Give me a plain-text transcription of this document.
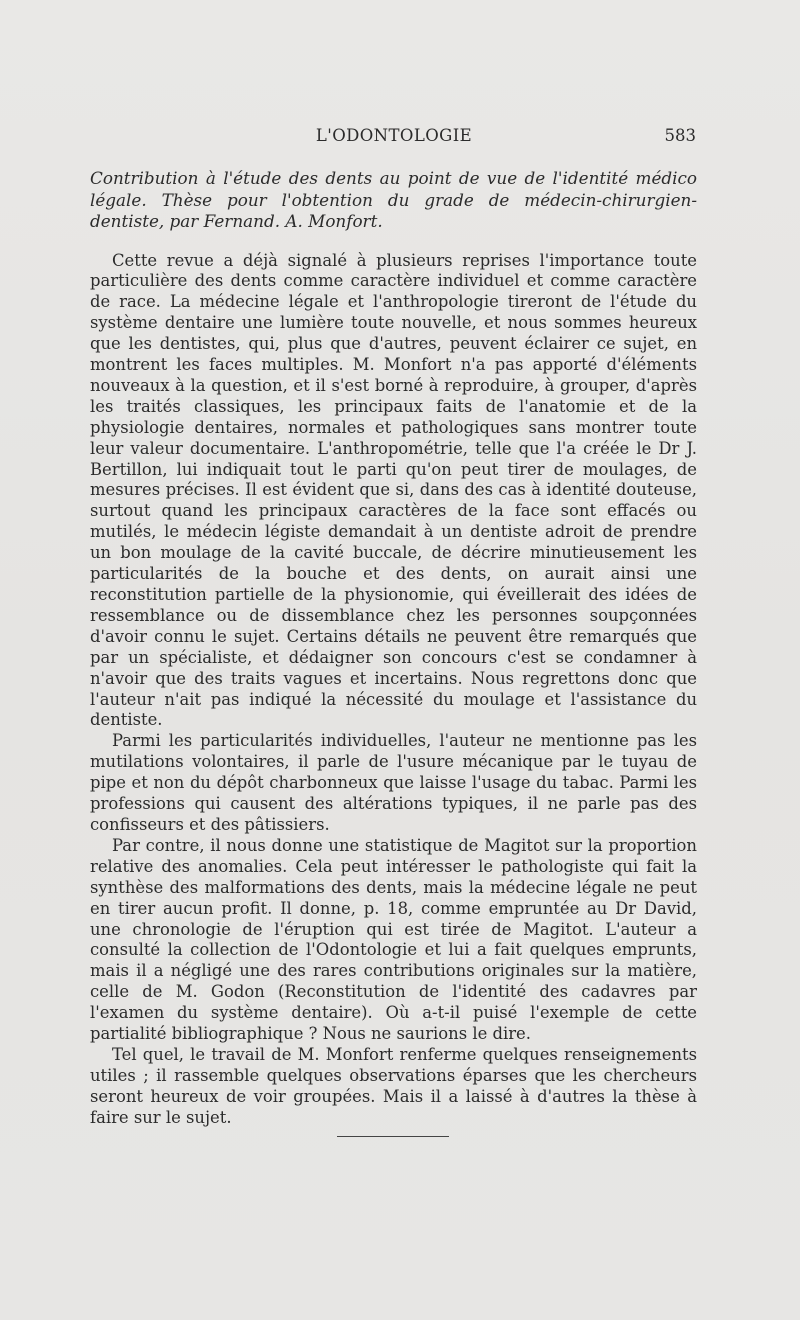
L'ODONTOLOGIE	583

Contribution à l'étude des dents au point de vue de l'identité médico légale. Thèse pour l'obtention du grade de médecin-chirurgien-dentiste, par Fernand. A. Monfort.

Cette revue a déjà signalé à plusieurs reprises l'importance toute particulière des dents comme caractère individuel et comme caractère de race. La médecine légale et l'anthropologie tireront de l'étude du système dentaire une lumière toute nouvelle, et nous sommes heureux que les dentistes, qui, plus que d'autres, peuvent éclairer ce sujet, en montrent les faces multiples. M. Monfort n'a pas apporté d'éléments nouveaux à la question, et il s'est borné à reproduire, à grouper, d'après les traités classiques, les principaux faits de l'anatomie et de la physiologie dentaires, normales et pathologiques sans montrer toute leur valeur documentaire. L'anthropométrie, telle que l'a créée le Dr J. Bertillon, lui indiquait tout le parti qu'on peut tirer de moulages, de mesures précises. Il est évident que si, dans des cas à identité douteuse, surtout quand les principaux caractères de la face sont effacés ou mutilés, le médecin légiste demandait à un dentiste adroit de prendre un bon moulage de la cavité buccale, de décrire minutieusement les particularités de la bouche et des dents, on aurait ainsi une reconstitution partielle de la physionomie, qui éveillerait des idées de ressemblance ou de dissemblance chez les personnes soupçonnées d'avoir connu le sujet. Certains détails ne peuvent être remarqués que par un spécialiste, et dédaigner son concours c'est se condamner à n'avoir que des traits vagues et incertains. Nous regrettons donc que l'auteur n'ait pas indiqué la nécessité du moulage et l'assistance du dentiste.

Parmi les particularités individuelles, l'auteur ne mentionne pas les mutilations volontaires, il parle de l'usure mécanique par le tuyau de pipe et non du dépôt charbonneux que laisse l'usage du tabac. Parmi les professions qui causent des altérations typiques, il ne parle pas des confisseurs et des pâtissiers.

Par contre, il nous donne une statistique de Magitot sur la proportion relative des anomalies. Cela peut intéresser le pathologiste qui fait la synthèse des malformations des dents, mais la médecine légale ne peut en tirer aucun profit. Il donne, p. 18, comme empruntée au Dr David, une chronologie de l'éruption qui est tirée de Magitot. L'auteur a consulté la collection de l'Odontologie et lui a fait quelques emprunts, mais il a négligé une des rares contributions originales sur la matière, celle de M. Godon (Reconstitution de l'identité des cadavres par l'examen du système dentaire). Où a-t-il puisé l'exemple de cette partialité bibliographique ? Nous ne saurions le dire.

Tel quel, le travail de M. Monfort renferme quelques renseignements utiles ; il rassemble quelques observations éparses que les chercheurs seront heureux de voir groupées. Mais il a laissé à d'autres la thèse à faire sur le sujet.
